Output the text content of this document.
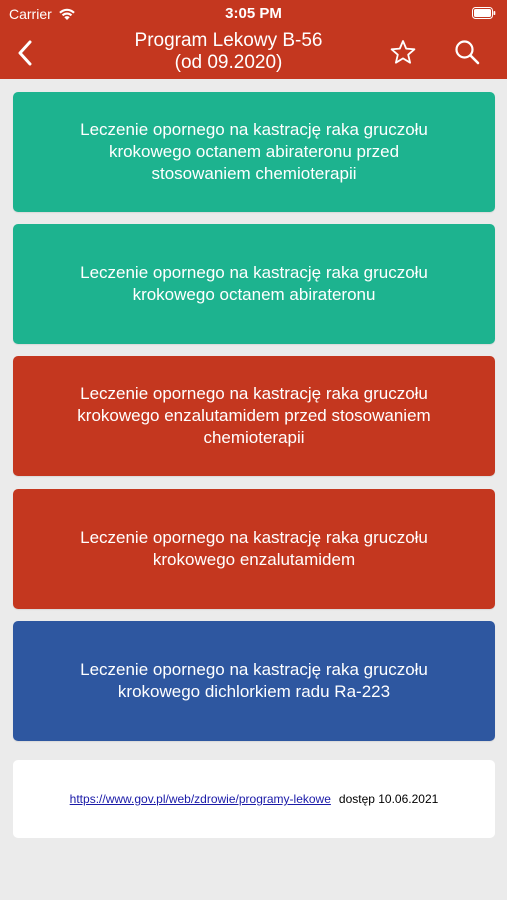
Carrier	3:05 PM
Program Lekowy B-56
(od 09.2020)
Leczenie opornego na kastrację raka gruczołu
krokowego octanem abirateronu przed
stosowaniem chemioterapii
Leczenie opornego na kastrację raka gruczołu
krokowego octanem abirateronu
Leczenie opornego na kastrację raka gruczołu
krokowego enzalutamidem przed stosowaniem
chemioterapii
Leczenie opornego na kastrację raka gruczołu
krokowego enzalutamidem
Leczenie opornego na kastrację raka gruczołu
krokowego dichlorkiem radu Ra-223
https://www.gov.pl/web/zdrowie/programy-lekowe dostęp 10.06.2021
